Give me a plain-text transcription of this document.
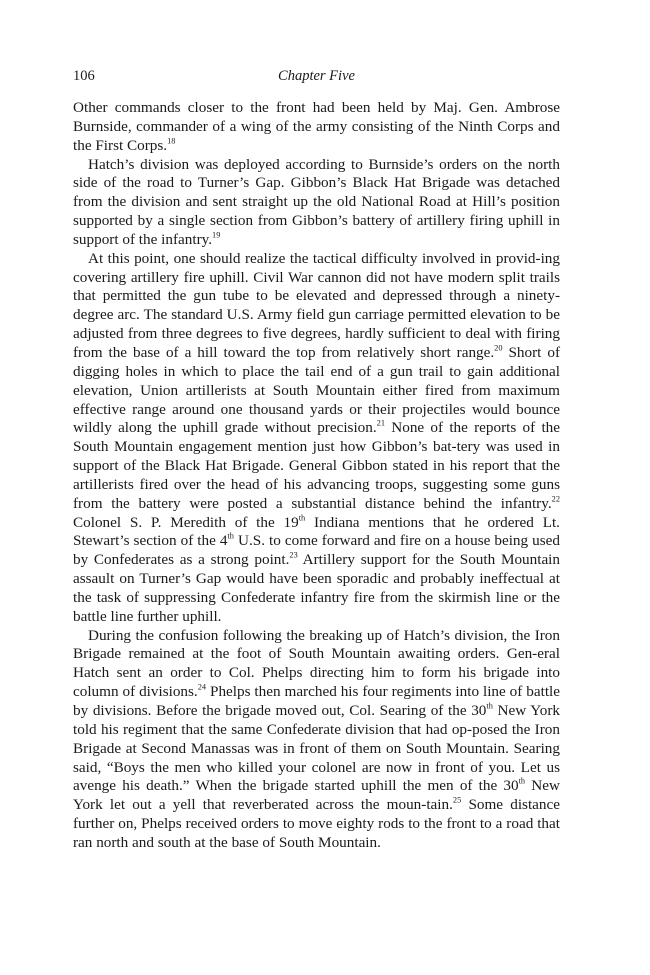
106	Chapter Five

Other commands closer to the front had been held by Maj. Gen. Ambrose Burnside, commander of a wing of the army consisting of the Ninth Corps and the First Corps.$^{18}$

Hatch’s division was deployed according to Burnside’s orders on the north side of the road to Turner’s Gap. Gibbon’s Black Hat Brigade was detached from the division and sent straight up the old National Road at Hill’s position supported by a single section from Gibbon’s battery of artillery firing uphill in support of the infantry.$^{19}$

At this point, one should realize the tactical difficulty involved in provid-ing covering artillery fire uphill. Civil War cannon did not have modern split trails that permitted the gun tube to be elevated and depressed through a ninety-degree arc. The standard U.S. Army field gun carriage permitted elevation to be adjusted from three degrees to five degrees, hardly sufficient to deal with firing from the base of a hill toward the top from relatively short range.$^{20}$ Short of digging holes in which to place the tail end of a gun trail to gain additional elevation, Union artillerists at South Mountain either fired from maximum effective range around one thousand yards or their projectiles would bounce wildly along the uphill grade without precision.$^{21}$ None of the reports of the South Mountain engagement mention just how Gibbon’s bat-tery was used in support of the Black Hat Brigade. General Gibbon stated in his report that the artillerists fired over the head of his advancing troops, suggesting some guns from the battery were posted a substantial distance behind the infantry.$^{22}$ Colonel S. P. Meredith of the 19th Indiana mentions that he ordered Lt. Stewart’s section of the 4th U.S. to come forward and fire on a house being used by Confederates as a strong point.$^{23}$ Artillery support for the South Mountain assault on Turner’s Gap would have been sporadic and probably ineffectual at the task of suppressing Confederate infantry fire from the skirmish line or the battle line further uphill.

During the confusion following the breaking up of Hatch’s division, the Iron Brigade remained at the foot of South Mountain awaiting orders. Gen-eral Hatch sent an order to Col. Phelps directing him to form his brigade into column of divisions.$^{24}$ Phelps then marched his four regiments into line of battle by divisions. Before the brigade moved out, Col. Searing of the 30th New York told his regiment that the same Confederate division that had op-posed the Iron Brigade at Second Manassas was in front of them on South Mountain. Searing said, “Boys the men who killed your colonel are now in front of you. Let us avenge his death.” When the brigade started uphill the men of the 30th New York let out a yell that reverberated across the moun-tain.$^{25}$ Some distance further on, Phelps received orders to move eighty rods to the front to a road that ran north and south at the base of South Mountain.
